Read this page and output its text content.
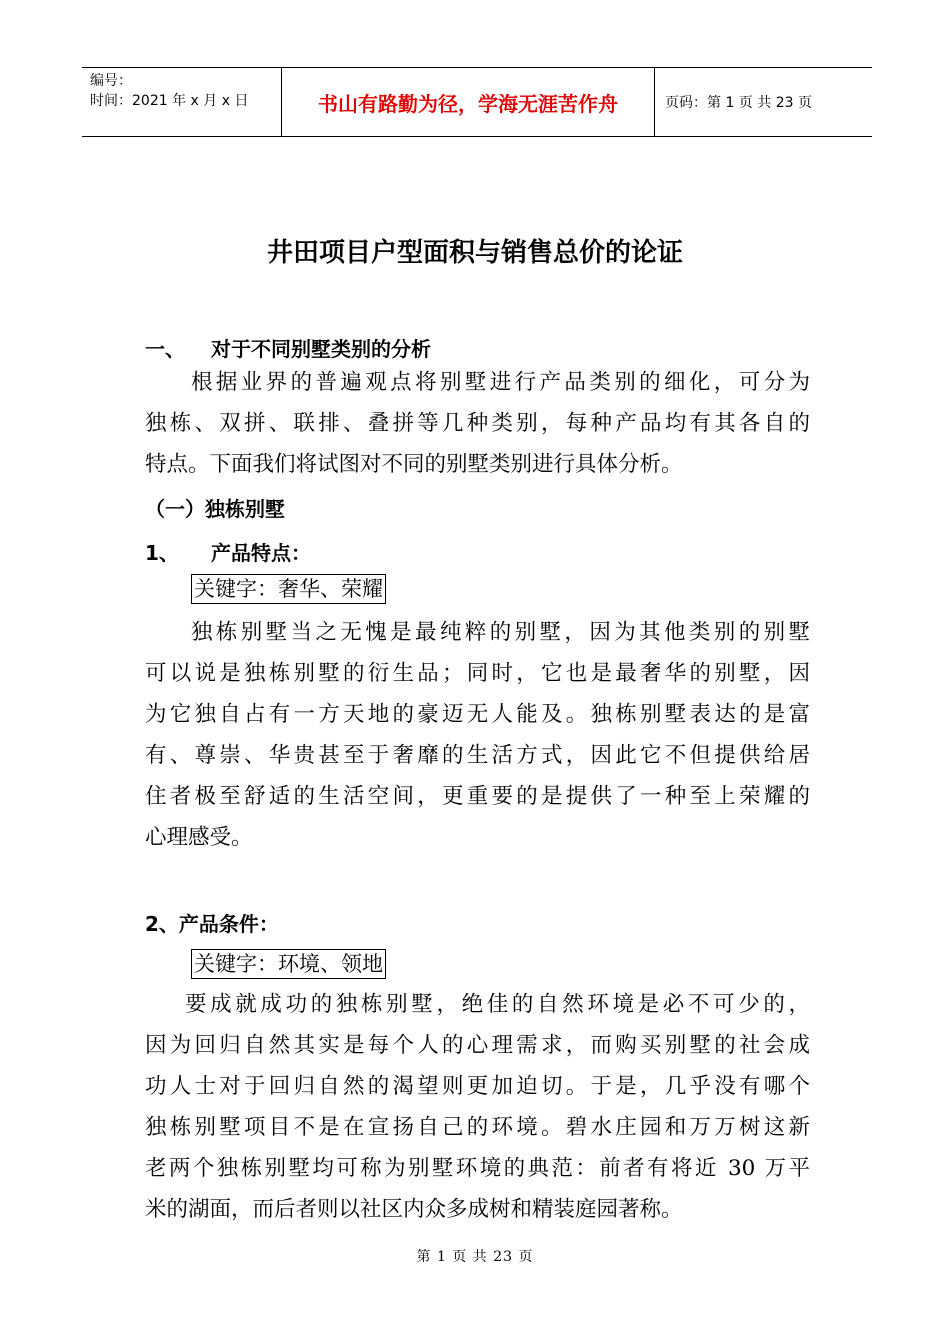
编号：
时间：2021 年 x 月 x 日	书山有路勤为径，学海无涯苦作舟	页码：第 1 页 共 23 页
井田项目户型面积与销售总价的论证
一、 对于不同别墅类别的分析
根据业界的普遍观点将别墅进行产品类别的细化，可分为
独栋、双拼、联排、叠拼等几种类别，每种产品均有其各自的
特点。下面我们将试图对不同的别墅类别进行具体分析。
（一）独栋别墅
1、 产品特点：
关键字：奢华、荣耀
独栋别墅当之无愧是最纯粹的别墅，因为其他类别的别墅
可以说是独栋别墅的衍生品；同时，它也是最奢华的别墅，因
为它独自占有一方天地的豪迈无人能及。独栋别墅表达的是富
有、尊崇、华贵甚至于奢靡的生活方式，因此它不但提供给居
住者极至舒适的生活空间，更重要的是提供了一种至上荣耀的
心理感受。
2、产品条件：
关键字：环境、领地
要成就成功的独栋别墅，绝佳的自然环境是必不可少的，
因为回归自然其实是每个人的心理需求，而购买别墅的社会成
功人士对于回归自然的渴望则更加迫切。于是，几乎没有哪个
独栋别墅项目不是在宣扬自己的环境。碧水庄园和万万树这新
老两个独栋别墅均可称为别墅环境的典范：前者有将近 30 万平
米的湖面，而后者则以社区内众多成树和精装庭园著称。
第 1 页 共 23 页
